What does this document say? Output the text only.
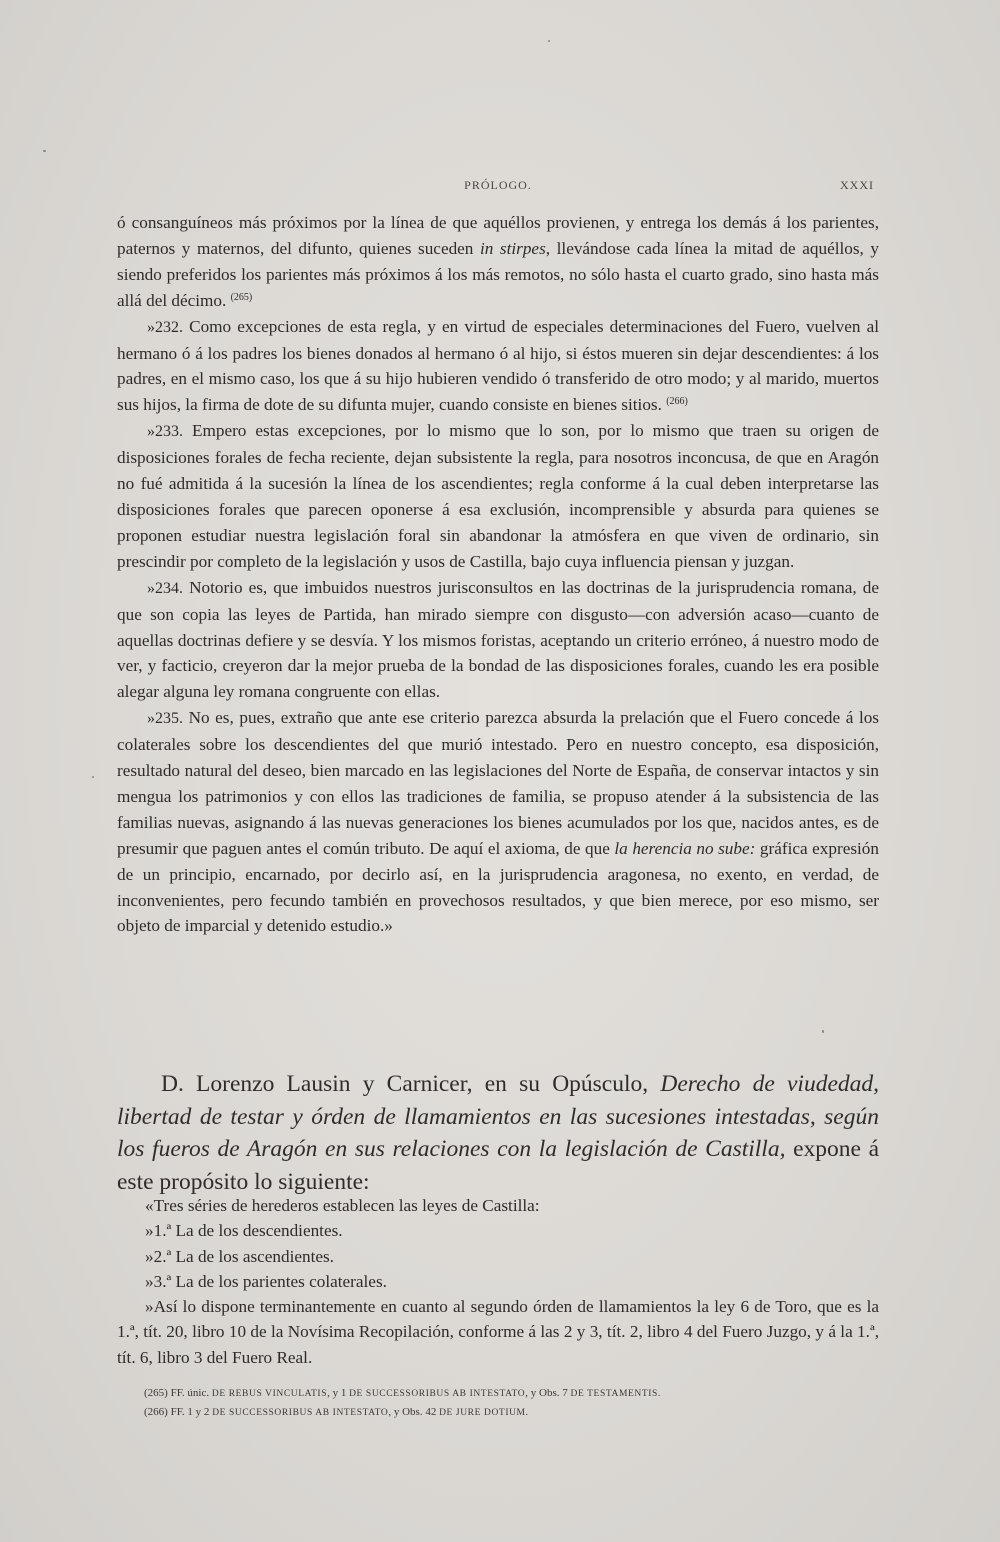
PRÓLOGO.	XXXI

ó consanguíneos más próximos por la línea de que aquéllos provienen, y entrega los demás á los parientes, paternos y maternos, del difunto, quienes suceden in stirpes, llevándose cada línea la mitad de aquéllos, y siendo preferidos los parientes más próximos á los más remotos, no sólo hasta el cuarto grado, sino hasta más allá del décimo. $^{(265)}$

»232. Como excepciones de esta regla, y en virtud de especiales determinaciones del Fuero, vuelven al hermano ó á los padres los bienes donados al hermano ó al hijo, si éstos mueren sin dejar descendientes: á los padres, en el mismo caso, los que á su hijo hubieren vendido ó transferido de otro modo; y al marido, muertos sus hijos, la firma de dote de su difunta mujer, cuando consiste en bienes sitios. $^{(266)}$

»233. Empero estas excepciones, por lo mismo que lo son, por lo mismo que traen su origen de disposiciones forales de fecha reciente, dejan subsistente la regla, para nosotros inconcusa, de que en Aragón no fué admitida á la sucesión la línea de los ascendientes; regla conforme á la cual deben interpretarse las disposiciones forales que parecen oponerse á esa exclusión, incomprensible y absurda para quienes se proponen estudiar nuestra legislación foral sin abandonar la atmósfera en que viven de ordinario, sin prescindir por completo de la legislación y usos de Castilla, bajo cuya influencia piensan y juzgan.

»234. Notorio es, que imbuidos nuestros jurisconsultos en las doctrinas de la jurisprudencia romana, de que son copia las leyes de Partida, han mirado siempre con disgusto—con adversión acaso—cuanto de aquellas doctrinas defiere y se desvía. Y los mismos foristas, aceptando un criterio erróneo, á nuestro modo de ver, y facticio, creyeron dar la mejor prueba de la bondad de las disposiciones forales, cuando les era posible alegar alguna ley romana congruente con ellas.

»235. No es, pues, extraño que ante ese criterio parezca absurda la prelación que el Fuero concede á los colaterales sobre los descendientes del que murió intestado. Pero en nuestro concepto, esa disposición, resultado natural del deseo, bien marcado en las legislaciones del Norte de España, de conservar intactos y sin mengua los patrimonios y con ellos las tradiciones de familia, se propuso atender á la subsistencia de las familias nuevas, asignando á las nuevas generaciones los bienes acumulados por los que, nacidos antes, es de presumir que paguen antes el común tributo. De aquí el axioma, de que la herencia no sube: gráfica expresión de un principio, encarnado, por decirlo así, en la jurisprudencia aragonesa, no exento, en verdad, de inconvenientes, pero fecundo también en provechosos resultados, y que bien merece, por eso mismo, ser objeto de imparcial y detenido estudio.»

D. Lorenzo Lausin y Carnicer, en su Opúsculo, Derecho de viudedad, libertad de testar y órden de llamamientos en las sucesiones intestadas, según los fueros de Aragón en sus relaciones con la legislación de Castilla, expone á este propósito lo siguiente:

«Tres séries de herederos establecen las leyes de Castilla:

»1.ª La de los descendientes.

»2.ª La de los ascendientes.

»3.ª La de los parientes colaterales.

»Así lo dispone terminantemente en cuanto al segundo órden de llamamientos la ley 6 de Toro, que es la 1.ª, tít. 20, libro 10 de la Novísima Recopilación, conforme á las 2 y 3, tít. 2, libro 4 del Fuero Juzgo, y á la 1.ª, tít. 6, libro 3 del Fuero Real.

(265) FF. únic. DE REBUS VINCULATIS, y 1 DE SUCCESSORIBUS AB INTESTATO, y Obs. 7 DE TESTAMENTIS.
(266) FF. 1 y 2 DE SUCCESSORIBUS AB INTESTATO, y Obs. 42 DE JURE DOTIUM.
